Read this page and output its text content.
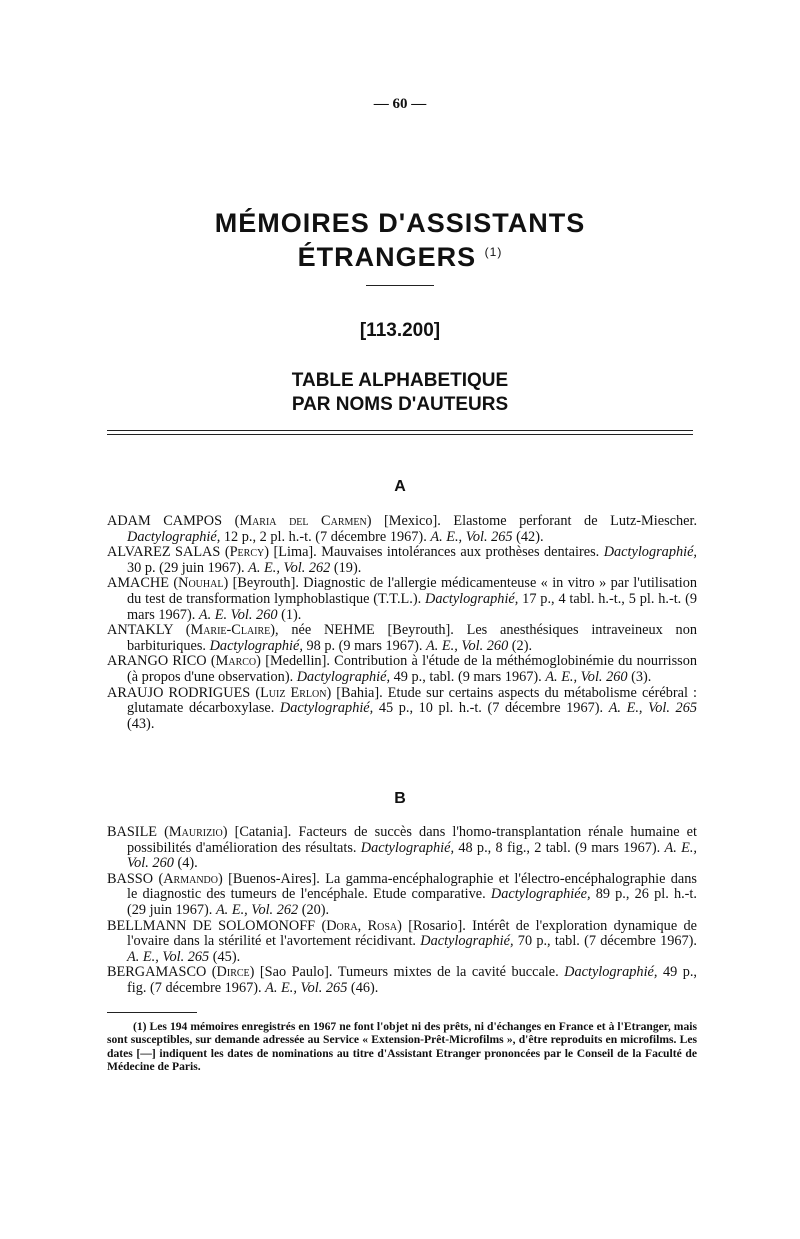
— 60 —
MÉMOIRES D'ASSISTANTS
ÉTRANGERS $^{(1)}$
[113.200]
TABLE ALPHABETIQUE
PAR NOMS D'AUTEURS
A
ADAM CAMPOS (Maria del Carmen) [Mexico]. Elastome perforant de Lutz-Miescher. Dactylographié, 12 p., 2 pl. h.-t. (7 décembre 1967). A. E., Vol. 265 (42).
ALVAREZ SALAS (Percy) [Lima]. Mauvaises intolérances aux prothèses dentaires. Dactylographié, 30 p. (29 juin 1967). A. E., Vol. 262 (19).
AMACHE (Nouhal) [Beyrouth]. Diagnostic de l'allergie médicamenteuse « in vitro » par l'utilisation du test de transformation lymphoblastique (T.T.L.). Dactylographié, 17 p., 4 tabl. h.-t., 5 pl. h.-t. (9 mars 1967). A. E. Vol. 260 (1).
ANTAKLY (Marie-Claire), née NEHME [Beyrouth]. Les anesthésiques intraveineux non barbituriques. Dactylographié, 98 p. (9 mars 1967). A. E., Vol. 260 (2).
ARANGO RICO (Marco) [Medellin]. Contribution à l'étude de la méthémoglobinémie du nourrisson (à propos d'une observation). Dactylographié, 49 p., tabl. (9 mars 1967). A. E., Vol. 260 (3).
ARAUJO RODRIGUES (Luiz Erlon) [Bahia]. Etude sur certains aspects du métabolisme cérébral : glutamate décarboxylase. Dactylographié, 45 p., 10 pl. h.-t. (7 décembre 1967). A. E., Vol. 265 (43).
B
BASILE (Maurizio) [Catania]. Facteurs de succès dans l'homo-transplantation rénale humaine et possibilités d'amélioration des résultats. Dactylographié, 48 p., 8 fig., 2 tabl. (9 mars 1967). A. E., Vol. 260 (4).
BASSO (Armando) [Buenos-Aires]. La gamma-encéphalographie et l'électro-encéphalographie dans le diagnostic des tumeurs de l'encéphale. Etude comparative. Dactylographiée, 89 p., 26 pl. h.-t. (29 juin 1967). A. E., Vol. 262 (20).
BELLMANN DE SOLOMONOFF (Dora, Rosa) [Rosario]. Intérêt de l'exploration dynamique de l'ovaire dans la stérilité et l'avortement récidivant. Dactylographié, 70 p., tabl. (7 décembre 1967). A. E., Vol. 265 (45).
BERGAMASCO (Dirce) [Sao Paulo]. Tumeurs mixtes de la cavité buccale. Dactylographié, 49 p., fig. (7 décembre 1967). A. E., Vol. 265 (46).
(1) Les 194 mémoires enregistrés en 1967 ne font l'objet ni des prêts, ni d'échanges en France et à l'Etranger, mais sont susceptibles, sur demande adressée au Service « Extension-Prêt-Microfilms », d'être reproduits en microfilms. Les dates [—] indiquent les dates de nominations au titre d'Assistant Etranger prononcées par le Conseil de la Faculté de Médecine de Paris.
